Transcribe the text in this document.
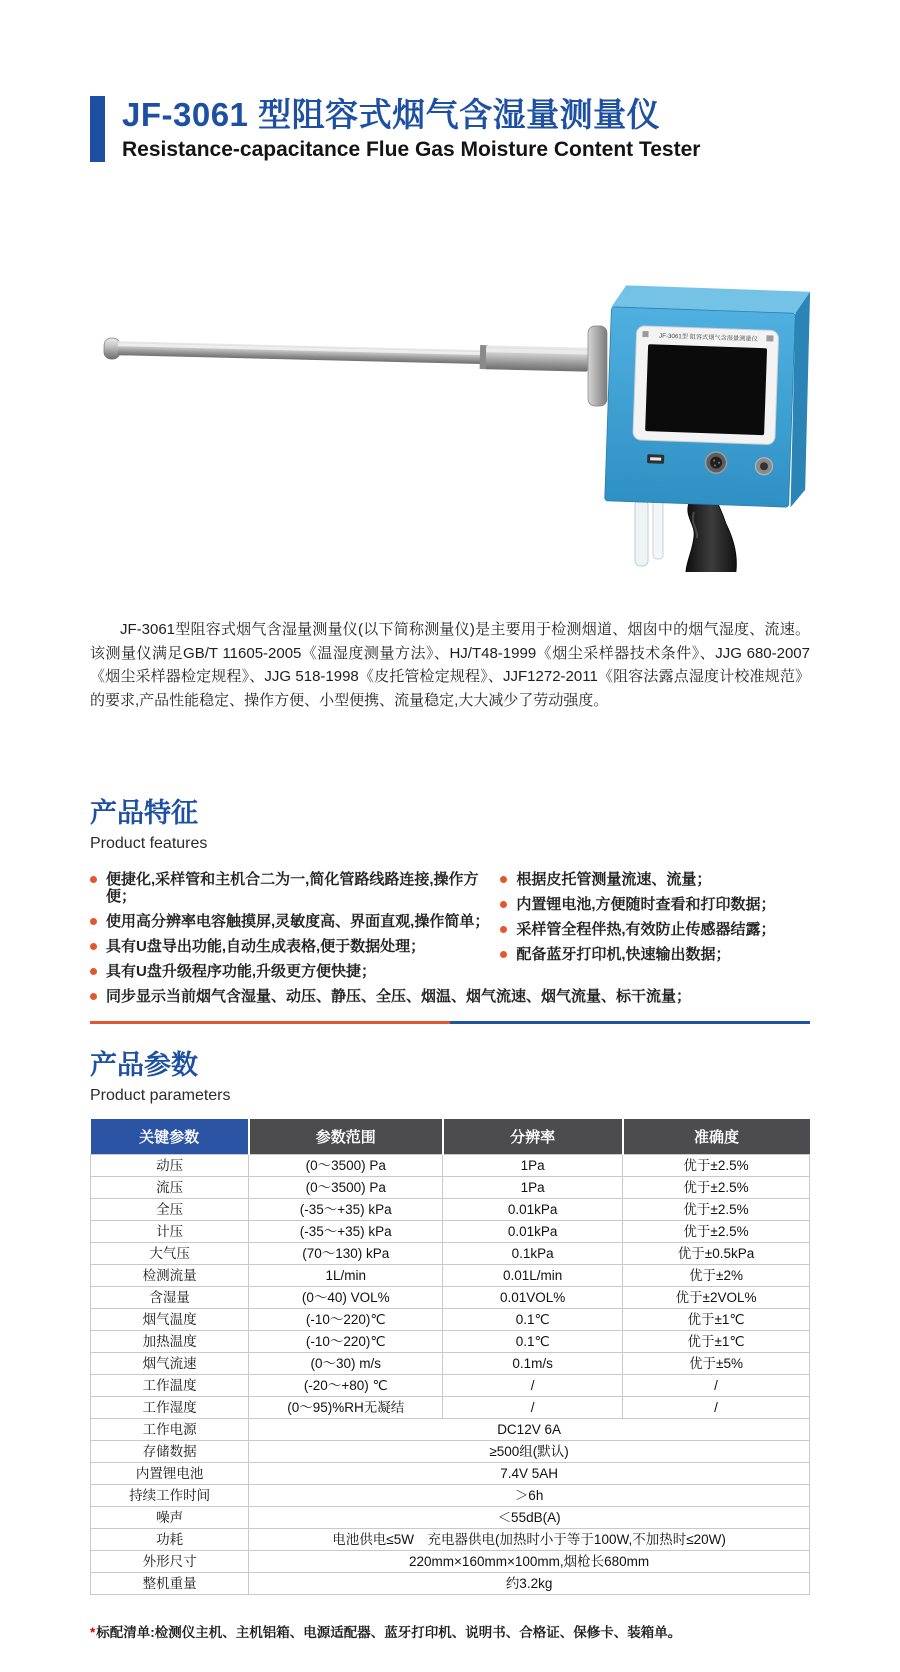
JF-3061 型阻容式烟气含湿量测量仪
Resistance-capacitance Flue Gas Moisture Content Tester
JF-3061型 阻容式烟气含湿量测量仪

JF-3061型阻容式烟气含湿量测量仪(以下简称测量仪)是主要用于检测烟道、烟囱中的烟气湿度、流速。该测量仪满足GB/T 11605-2005《温湿度测量方法》、HJ/T48-1999《烟尘采样器技术条件》、JJG 680-2007《烟尘采样器检定规程》、JJG 518-1998《皮托管检定规程》、JJF1272-2011《阻容法露点湿度计校准规范》的要求,产品性能稳定、操作方便、小型便携、流量稳定,大大减少了劳动强度。

产品特征
Product features
便捷化,采样管和主机合二为一,简化管路线路连接,操作方便；
使用高分辨率电容触摸屏,灵敏度高、界面直观,操作简单；
具有U盘导出功能,自动生成表格,便于数据处理；
具有U盘升级程序功能,升级更方便快捷；
根据皮托管测量流速、流量；
内置锂电池,方便随时查看和打印数据；
采样管全程伴热,有效防止传感器结露；
配备蓝牙打印机,快速输出数据；
同步显示当前烟气含湿量、动压、静压、全压、烟温、烟气流速、烟气流量、标干流量；
产品参数
Product parameters
关键参数	参数范围	分辨率	准确度
动压	(0～3500) Pa	1Pa	优于±2.5%
流压	(0～3500) Pa	1Pa	优于±2.5%
全压	(-35～+35) kPa	0.01kPa	优于±2.5%
计压	(-35～+35) kPa	0.01kPa	优于±2.5%
大气压	(70～130) kPa	0.1kPa	优于±0.5kPa
检测流量	1L/min	0.01L/min	优于±2%
含湿量	(0～40) VOL%	0.01VOL%	优于±2VOL%
烟气温度	(-10～220)℃	0.1℃	优于±1℃
加热温度	(-10～220)℃	0.1℃	优于±1℃
烟气流速	(0～30) m/s	0.1m/s	优于±5%
工作温度	(-20～+80) ℃	/	/
工作湿度	(0～95)%RH无凝结	/	/
工作电源	DC12V 6A		
存储数据	≥500组(默认)		
内置锂电池	7.4V 5AH		
持续工作时间	＞6h		
噪声	＜55dB(A)		
功耗	电池供电≤5W　充电器供电(加热时小于等于100W,不加热时≤20W)		
外形尺寸	220mm×160mm×100mm,烟枪长680mm		
整机重量	约3.2kg		

*标配清单:检测仪主机、主机铝箱、电源适配器、蓝牙打印机、说明书、合格证、保修卡、装箱单。
